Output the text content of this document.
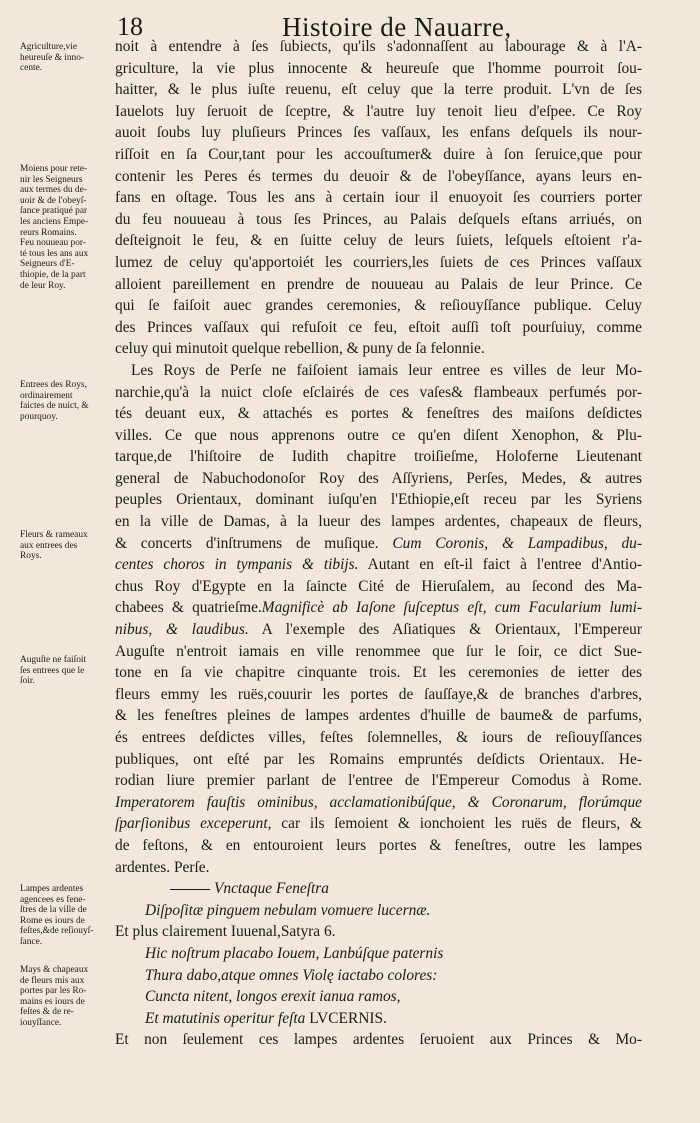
18	Histoire de Nauarre,
Agriculture,vie
heureuſe & inno-
cente.
Moiens pour rete-
nir les Seigneurs
aux termes du de-
uoir & de l'obeyſ-
ſance pratiqué par
les anciens Empe-
reurs Romains.
Feu nouueau por-
té tous les ans aux
Seigneurs d'E-
thiopie, de la part
de leur Roy.
Entrees des Roys,
ordinairement
faictes de nuict, &
pourquoy.
Fleurs & rameaux
aux entrees des
Roys.
Auguſte ne faiſoit
ſes entrees que le
ſoir.
Lampes ardentes
agencees es fene-
ſtres de la ville de
Rome es iours de
feſtes,&de reſiouyſ-
ſance.
Mays & chapeaux
de fleurs mis aux
portes par les Ro-
mains es iours de
feſtes & de re-
iouyſſance.
noit à entendre à ſes ſubiects, qu'ils s'adonnaſſent au labourage & à l'A-
griculture, la vie plus innocente & heureuſe que l'homme pourroit ſou-
haitter, & le plus iuſte reuenu, eſt celuy que la terre produit. L'vn de ſes
Iauelots luy ſeruoit de ſceptre, & l'autre luy tenoit lieu d'eſpee. Ce Roy
auoit ſoubs luy pluſieurs Princes ſes vaſſaux, les enfans deſquels ils nour-
riſſoit en ſa Cour,tant pour les accouſtumer& duire à ſon ſeruice,que pour
contenir les Peres és termes du deuoir & de l'obeyſſance, ayans leurs en-
fans en oſtage. Tous les ans à certain iour il enuoyoit ſes courriers porter
du feu nouueau à tous ſes Princes, au Palais deſquels eſtans arriués, on
deſteignoit le feu, & en ſuitte celuy de leurs ſuiets, leſquels eſtoient r'a-
lumez de celuy qu'apportoiét les courriers,les ſuiets de ces Princes vaſſaux
alloient pareillement en prendre de nouueau au Palais de leur Prince. Ce
qui ſe faiſoit auec grandes ceremonies, & reſiouyſſance publique. Celuy
des Princes vaſſaux qui refuſoit ce feu, eſtoit auſſi toſt pourſuiuy, comme
celuy qui minutoit quelque rebellion, & puny de ſa felonnie.
Les Roys de Perſe ne faiſoient iamais leur entree es villes de leur Mo-
narchie,qu'à la nuict cloſe eſclairés de ces vaſes& flambeaux perfumés por-
tés deuant eux, & attachés es portes & feneſtres des maiſons deſdictes
villes. Ce que nous apprenons outre ce qu'en diſent Xenophon, & Plu-
tarque,de l'hiſtoire de Iudith chapitre troiſieſme, Holoferne Lieutenant
general de Nabuchodonoſor Roy des Aſſyriens, Perſes, Medes, & autres
peuples Orientaux, dominant iuſqu'en l'Ethiopie,eſt receu par les Syriens
en la ville de Damas, à la lueur des lampes ardentes, chapeaux de fleurs,
& concerts d'inſtrumens de muſique. Cum Coronis, & Lampadibus, du-
centes choros in tympanis & tibijs. Autant en eſt-il faict à l'entree d'Antio-
chus Roy d'Egypte en la ſaincte Cité de Hieruſalem, au ſecond des Ma-
chabees & quatrieſme.Magnificè ab Iaſone ſuſceptus eſt, cum Facularium lumi-
nibus, & laudibus. A l'exemple des Aſiatiques & Orientaux, l'Empereur
Auguſte n'entroit iamais en ville renommee que ſur le ſoir, ce dict Sue-
tone en ſa vie chapitre cinquante trois. Et les ceremonies de ietter des
fleurs emmy les ruës,couurir les portes de ſauſſaye,& de branches d'arbres,
& les feneſtres pleines de lampes ardentes d'huille de baume& de parfums,
és entrees deſdictes villes, feſtes ſolemnelles, & iours de reſiouyſſances
publiques, ont eſté par les Romains empruntés deſdicts Orientaux. He-
rodian liure premier parlant de l'entree de l'Empereur Comodus à Rome.
Imperatorem fauſtis ominibus, acclamationibúſque, & Coronarum, florúmque
ſparſionibus exceperunt, car ils ſemoient & ionchoient les ruës de fleurs, &
de feſtons, & en entouroient leurs portes & feneſtres, outre les lampes
ardentes. Perſe.
Vnctaque Feneſtra
Diſpoſitæ pinguem nebulam vomuere lucernæ.
Et plus clairement Iuuenal,Satyra 6.
Hic noſtrum placabo Iouem, Lanbúſque paternis
Thura dabo,atque omnes Violę iactabo colores:
Cuncta nitent, longos erexit ianua ramos,
Et matutinis operitur feſta LVCERNIS.
Et non ſeulement ces lampes ardentes ſeruoient aux Princes & Mo-
